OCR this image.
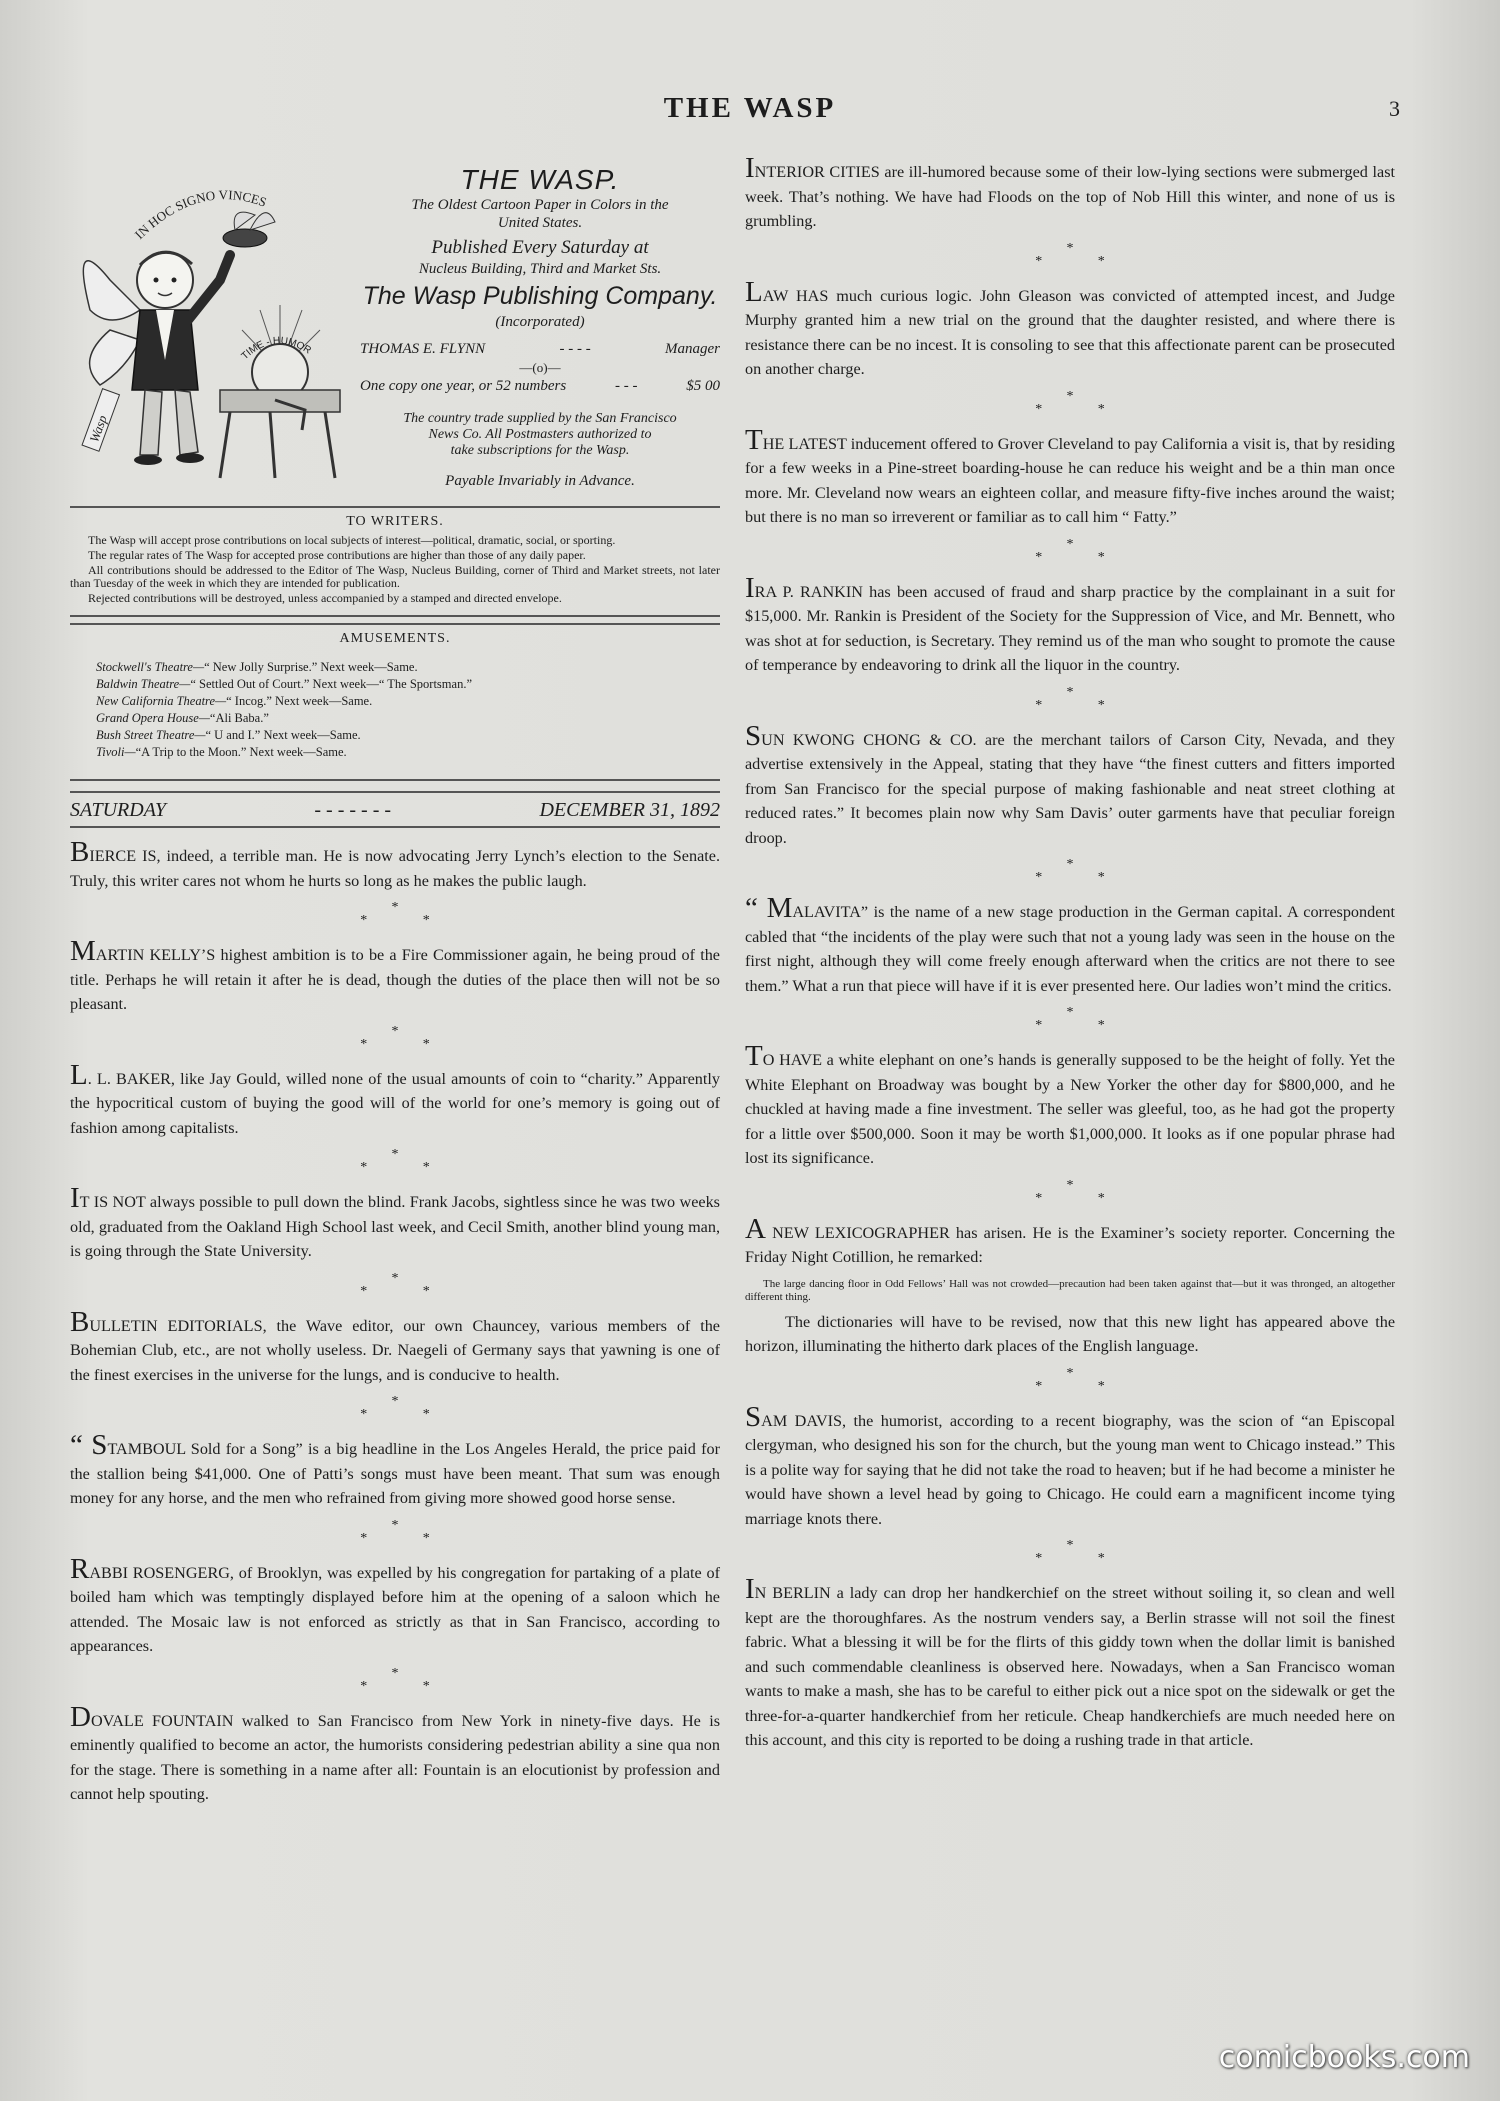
THE WASP	3
IN HOC SIGNO VINCES
Wasp
TIME - HUMOR

THE WASP.

The Oldest Cartoon Paper in Colors in the

United States.

Published Every Saturday at

Nucleus Building, Third and Market Sts.

The Wasp Publishing Company.

(Incorporated)

THOMAS E. FLYNN	- - - -	Manager

—(o)—

One copy one year, or 52 numbers	- - -	$5 00
The country trade supplied by the San Francisco
News Co. All Postmasters authorized to
take subscriptions for the Wasp.

Payable Invariably in Advance.

TO WRITERS.

The Wasp will accept prose contributions on local subjects of interest—political, dramatic, social, or sporting.

The regular rates of The Wasp for accepted prose contributions are higher than those of any daily paper.

All contributions should be addressed to the Editor of The Wasp, Nucleus Building, corner of Third and Market streets, not later than Tuesday of the week in which they are intended for publication.

Rejected contributions will be destroyed, unless accompanied by a stamped and directed envelope.

AMUSEMENTS.
Stockwell's Theatre—“ New Jolly Surprise.” Next week—Same.
Baldwin Theatre—“ Settled Out of Court.” Next week—“ The Sportsman.”
New California Theatre—“ Incog.” Next week—Same.
Grand Opera House—“Ali Baba.”
Bush Street Theatre—“ U and I.” Next week—Same.
Tivoli—“A Trip to the Moon.” Next week—Same.
SATURDAY	- - - - - - -	DECEMBER 31, 1892

BIERCE IS, indeed, a terrible man. He is now advocating Jerry Lynch’s election to the Senate. Truly, this writer cares not whom he hurts so long as he makes the public laugh.

*
* *

MARTIN KELLY’S highest ambition is to be a Fire Commissioner again, he being proud of the title. Perhaps he will retain it after he is dead, though the duties of the place then will not be so pleasant.

*
* *

L. L. BAKER, like Jay Gould, willed none of the usual amounts of coin to “charity.” Apparently the hypocritical custom of buying the good will of the world for one’s memory is going out of fashion among capitalists.

*
* *

IT IS NOT always possible to pull down the blind. Frank Jacobs, sightless since he was two weeks old, graduated from the Oakland High School last week, and Cecil Smith, another blind young man, is going through the State University.

*
* *

BULLETIN EDITORIALS, the Wave editor, our own Chauncey, various members of the Bohemian Club, etc., are not wholly useless. Dr. Naegeli of Germany says that yawning is one of the finest exercises in the universe for the lungs, and is conducive to health.

*
* *

“ STAMBOUL Sold for a Song” is a big headline in the Los Angeles Herald, the price paid for the stallion being $41,000. One of Patti’s songs must have been meant. That sum was enough money for any horse, and the men who refrained from giving more showed good horse sense.

*
* *

RABBI ROSENGERG, of Brooklyn, was expelled by his congregation for partaking of a plate of boiled ham which was temptingly displayed before him at the opening of a saloon which he attended. The Mosaic law is not enforced as strictly as that in San Francisco, according to appearances.

*
* *

DOVALE FOUNTAIN walked to San Francisco from New York in ninety-five days. He is eminently qualified to become an actor, the humorists considering pedestrian ability a sine qua non for the stage. There is something in a name after all: Fountain is an elocutionist by profession and cannot help spouting.

INTERIOR CITIES are ill-humored because some of their low-lying sections were submerged last week. That’s nothing. We have had Floods on the top of Nob Hill this winter, and none of us is grumbling.

*
* *

LAW HAS much curious logic. John Gleason was convicted of attempted incest, and Judge Murphy granted him a new trial on the ground that the daughter resisted, and where there is resistance there can be no incest. It is consoling to see that this affectionate parent can be prosecuted on another charge.

*
* *

THE LATEST inducement offered to Grover Cleveland to pay California a visit is, that by residing for a few weeks in a Pine-street boarding-house he can reduce his weight and be a thin man once more. Mr. Cleveland now wears an eighteen collar, and measure fifty-five inches around the waist; but there is no man so irreverent or familiar as to call him “ Fatty.”

*
* *

IRA P. RANKIN has been accused of fraud and sharp practice by the complainant in a suit for $15,000. Mr. Rankin is President of the Society for the Suppression of Vice, and Mr. Bennett, who was shot at for seduction, is Secretary. They remind us of the man who sought to promote the cause of temperance by endeavoring to drink all the liquor in the country.

*
* *

SUN KWONG CHONG & CO. are the merchant tailors of Carson City, Nevada, and they advertise extensively in the Appeal, stating that they have “the finest cutters and fitters imported from San Francisco for the special purpose of making fashionable and neat street clothing at reduced rates.” It becomes plain now why Sam Davis’ outer garments have that peculiar foreign droop.

*
* *

“ MALAVITA” is the name of a new stage production in the German capital. A correspondent cabled that “the incidents of the play were such that not a young lady was seen in the house on the first night, although they will come freely enough afterward when the critics are not there to see them.” What a run that piece will have if it is ever presented here. Our ladies won’t mind the critics.

*
* *

TO HAVE a white elephant on one’s hands is generally supposed to be the height of folly. Yet the White Elephant on Broadway was bought by a New Yorker the other day for $800,000, and he chuckled at having made a fine investment. The seller was gleeful, too, as he had got the property for a little over $500,000. Soon it may be worth $1,000,000. It looks as if one popular phrase had lost its significance.

*
* *

A NEW LEXICOGRAPHER has arisen. He is the Examiner’s society reporter. Concerning the Friday Night Cotillion, he remarked:

The large dancing floor in Odd Fellows’ Hall was not crowded—precaution had been taken against that—but it was thronged, an altogether different thing.

The dictionaries will have to be revised, now that this new light has appeared above the horizon, illuminating the hitherto dark places of the English language.

*
* *

SAM DAVIS, the humorist, according to a recent biography, was the scion of “an Episcopal clergyman, who designed his son for the church, but the young man went to Chicago instead.” This is a polite way for saying that he did not take the road to heaven; but if he had become a minister he would have shown a level head by going to Chicago. He could earn a magnificent income tying marriage knots there.

*
* *

IN BERLIN a lady can drop her handkerchief on the street without soiling it, so clean and well kept are the thoroughfares. As the nostrum venders say, a Berlin strasse will not soil the finest fabric. What a blessing it will be for the flirts of this giddy town when the dollar limit is banished and such commendable cleanliness is observed here. Nowadays, when a San Francisco woman wants to make a mash, she has to be careful to either pick out a nice spot on the sidewalk or get the three-for-a-quarter handkerchief from her reticule. Cheap handkerchiefs are much needed here on this account, and this city is reported to be doing a rushing trade in that article.

comicbooks.com
